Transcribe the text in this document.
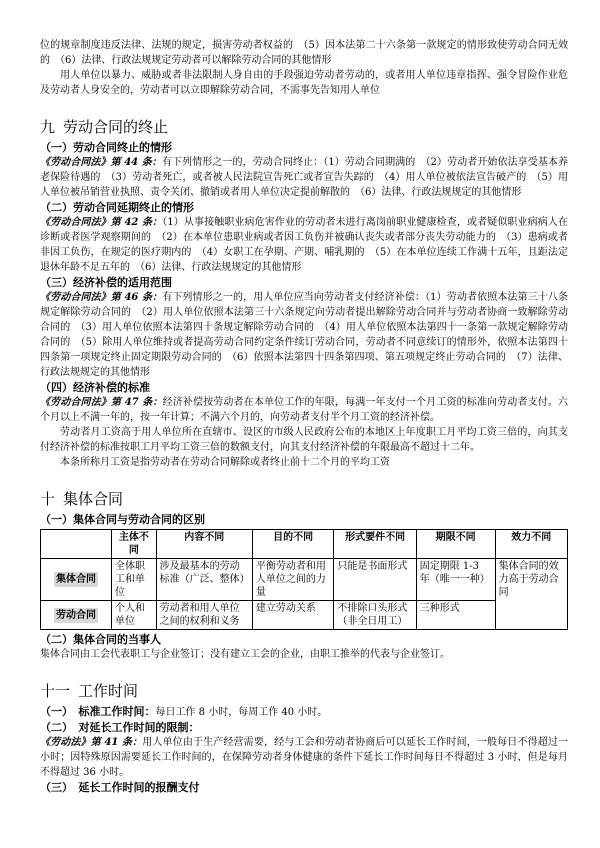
位的规章制度违反法律、法规的规定，损害劳动者权益的　（5）因本法第二十六条第一款规定的情形致使劳动合同无效的　（6）法律、行政法规规定劳动者可以解除劳动合同的其他情形

用人单位以暴力、威胁或者非法限制人身自由的手段强迫劳动者劳动的，或者用人单位违章指挥、强令冒险作业危及劳动者人身安全的，劳动者可以立即解除劳动合同，不需事先告知用人单位

九 劳动合同的终止
（一）劳动合同终止的情形

《劳动合同法》第 44 条：有下列情形之一的，劳动合同终止：（1）劳动合同期满的　（2）劳动者开始依法享受基本养老保险待遇的　（3）劳动者死亡，或者被人民法院宣告死亡或者宣告失踪的　（4）用人单位被依法宣告破产的　（5）用人单位被吊销营业执照、责令关闭、撤销或者用人单位决定提前解散的　（6）法律、行政法规规定的其他情形

（二）劳动合同延期终止的情形

《劳动合同法》第 42 条：（1）从事接触职业病危害作业的劳动者未进行离岗前职业健康检查，或者疑似职业病病人在诊断或者医学观察期间的　（2）在本单位患职业病或者因工负伤并被确认丧失或者部分丧失劳动能力的　（3）患病或者非因工负伤，在规定的医疗期内的　（4）女职工在孕期、产期、哺乳期的　（5）在本单位连续工作满十五年，且距法定退休年龄不足五年的　（6）法律、行政法规规定的其他情形

（三）经济补偿的适用范围

《劳动合同法》第 46 条：有下列情形之一的，用人单位应当向劳动者支付经济补偿：（1）劳动者依照本法第三十八条规定解除劳动合同的　（2）用人单位依照本法第三十六条规定向劳动者提出解除劳动合同并与劳动者协商一致解除劳动合同的　（3）用人单位依照本法第四十条规定解除劳动合同的　（4）用人单位依照本法第四十一条第一款规定解除劳动合同的　（5）除用人单位维持或者提高劳动合同约定条件续订劳动合同，劳动者不同意续订的情形外，依照本法第四十四条第一项规定终止固定期限劳动合同的　（6）依照本法第四十四条第四项、第五项规定终止劳动合同的　（7）法律、行政法规规定的其他情形

（四）经济补偿的标准

《劳动合同法》第 47 条：经济补偿按劳动者在本单位工作的年限，每满一年支付一个月工资的标准向劳动者支付。六个月以上不满一年的，按一年计算；不满六个月的，向劳动者支付半个月工资的经济补偿。

劳动者月工资高于用人单位所在直辖市、设区的市级人民政府公布的本地区上年度职工月平均工资三倍的，向其支付经济补偿的标准按职工月平均工资三倍的数额支付，向其支付经济补偿的年限最高不超过十二年。

本条所称月工资是指劳动者在劳动合同解除或者终止前十二个月的平均工资

十 集体合同
（一）集体合同与劳动合同的区别
	主体不同	内容不同	目的不同	形式要件不同	期限不同	效力不同
集体合同	全体职工和单位	涉及最基本的劳动标准（广泛、整体）	平衡劳动者和用人单位之间的力量	只能是书面形式	固定期限 1-3 年（唯一一种）	集体合同的效力高于劳动合同
劳动合同	个人和单位	劳动者和用人单位之间的权利和义务	建立劳动关系	不排除口头形式（非全日用工）	三种形式	
（二）集体合同的当事人

集体合同由工会代表职工与企业签订；没有建立工会的企业，由职工推举的代表与企业签订。

十一 工作时间

（一）　标准工作时间：每日工作 8 小时，每周工作 40 小时。

（二）　对延长工作时间的限制：

《劳动法》第 41 条：用人单位由于生产经营需要，经与工会和劳动者协商后可以延长工作时间，一般每日不得超过一小时；因特殊原因需要延长工作时间的，在保障劳动者身体健康的条件下延长工作时间每日不得超过 3 小时，但是每月不得超过 36 小时。

（三）　延长工作时间的报酬支付
